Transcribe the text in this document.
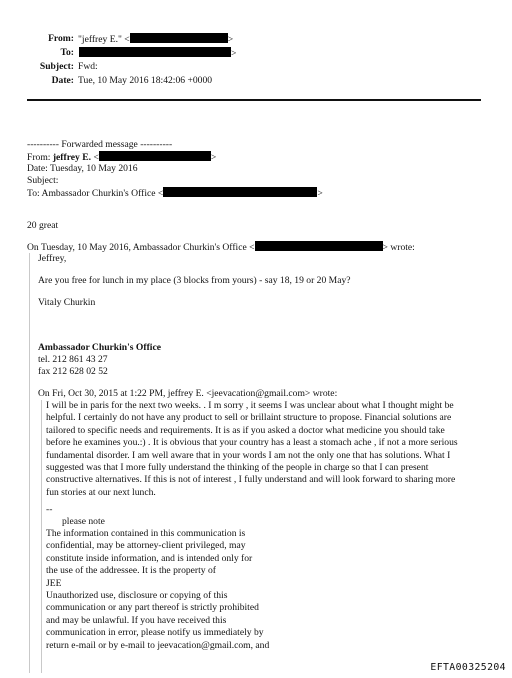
From: "jeffrey E." <	>
To:	>
Subject: Fwd:
Date: Tue, 10 May 2016 18:42:06 +0000
---------- Forwarded message ----------
From: jeffrey E. <	>
Date: Tuesday, 10 May 2016
Subject:
To: Ambassador Churkin's Office <	>
20 great
On Tuesday, 10 May 2016, Ambassador Churkin's Office <	> wrote:
Jeffrey,
Are you free for lunch in my place (3 blocks from yours) - say 18, 19 or 20 May?
Vitaly Churkin
Ambassador Churkin's Office
tel. 212 861 43 27
fax 212 628 02 52
On Fri, Oct 30, 2015 at 1:22 PM, jeffrey E. <jeevacation@gmail.com> wrote:
I will be in paris for the next two weeks. . I m sorry , it seems I was unclear about what I thought might be
helpful. I certainly do not have any product to sell or brillaint structure to propose. Financial solutions are
tailored to specific needs and requirements. It is as if you asked a doctor what medicine you should take
before he examines you.:) . It is obvious that your country has a least a stomach ache , if not a more serious
fundamental disorder. I am well aware that in your words I am not the only one that has solutions. What I
suggested was that I more fully understand the thinking of the people in charge so that I can present
constructive alternatives. If this is not of interest , I fully understand and will look forward to sharing more
fun stories at our next lunch.
--
please note
The information contained in this communication is
confidential, may be attorney-client privileged, may
constitute inside information, and is intended only for
the use of the addressee. It is the property of
JEE
Unauthorized use, disclosure or copying of this
communication or any part thereof is strictly prohibited
and may be unlawful. If you have received this
communication in error, please notify us immediately by
return e-mail or by e-mail to jeevacation@gmail.com, and
EFTA00325204
